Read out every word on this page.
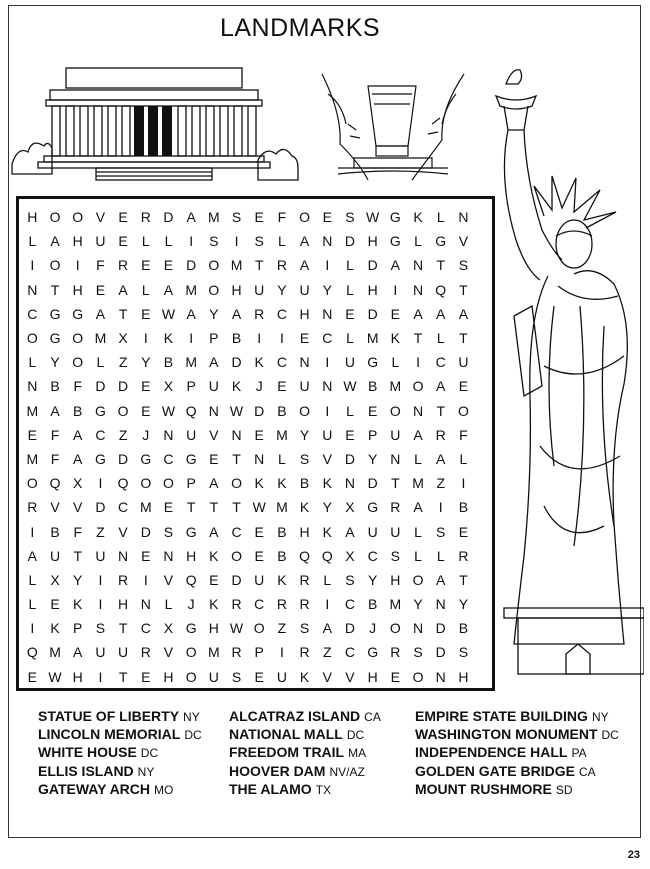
LANDMARKS
H O O V E R D A M S E F O E S W G K	L N
L	A H U E	L	L	I	S	I	S	L	A N D H G L G V
I	O	I	F R E E D O M T R A	I	L D A N T S
N T H E A	L	A M O H U Y U Y	L H	I	N Q T
C G G A T E W A Y A R C H N E D E A A A
O G O M X	I	K	I	P B	I	I	E C L M K T	L	T
L	Y O L	Z Y B M A D K C N	I	U G L	I	C U
N B F D D E X P U K	J	E U N W B M O A E
M A B G O E W Q N W D B O	I	L	E O N T O
E F A C Z	J	N U V N E M Y U E P U A R F
M F A G D G C G E T N L	S V D Y N L	A	L
O Q X	I	Q O O P A O K K B K N D T M Z	I
R V V D C M E T	T	T W M K Y X G R A	I	B
I	B F	Z V D S G A C E B H K A U U L	S E
A U T U N E N H K O E B Q Q X C S	L	L R
L	X Y	I	R	I	V Q E D U K R L	S Y H O A T
L	E K	I	H N L	J	K R C R R	I	C B M Y N Y
I	K P S T C X G H W O Z S A D	J O N D B
Q M A U U R V O M R P	I	R Z C G R S D S
E W H	I	T E H O U S E U K V V H E O N H
STATUE OF LIBERTY NY
LINCOLN MEMORIAL DC
WHITE HOUSE DC
ELLIS ISLAND NY
GATEWAY ARCH MO
ALCATRAZ ISLAND CA
NATIONAL MALL DC
FREEDOM TRAIL MA
HOOVER DAM NV/AZ
THE ALAMO TX
EMPIRE STATE BUILDING NY
WASHINGTON MONUMENT DC
INDEPENDENCE HALL PA
GOLDEN GATE BRIDGE CA
MOUNT RUSHMORE SD
23
